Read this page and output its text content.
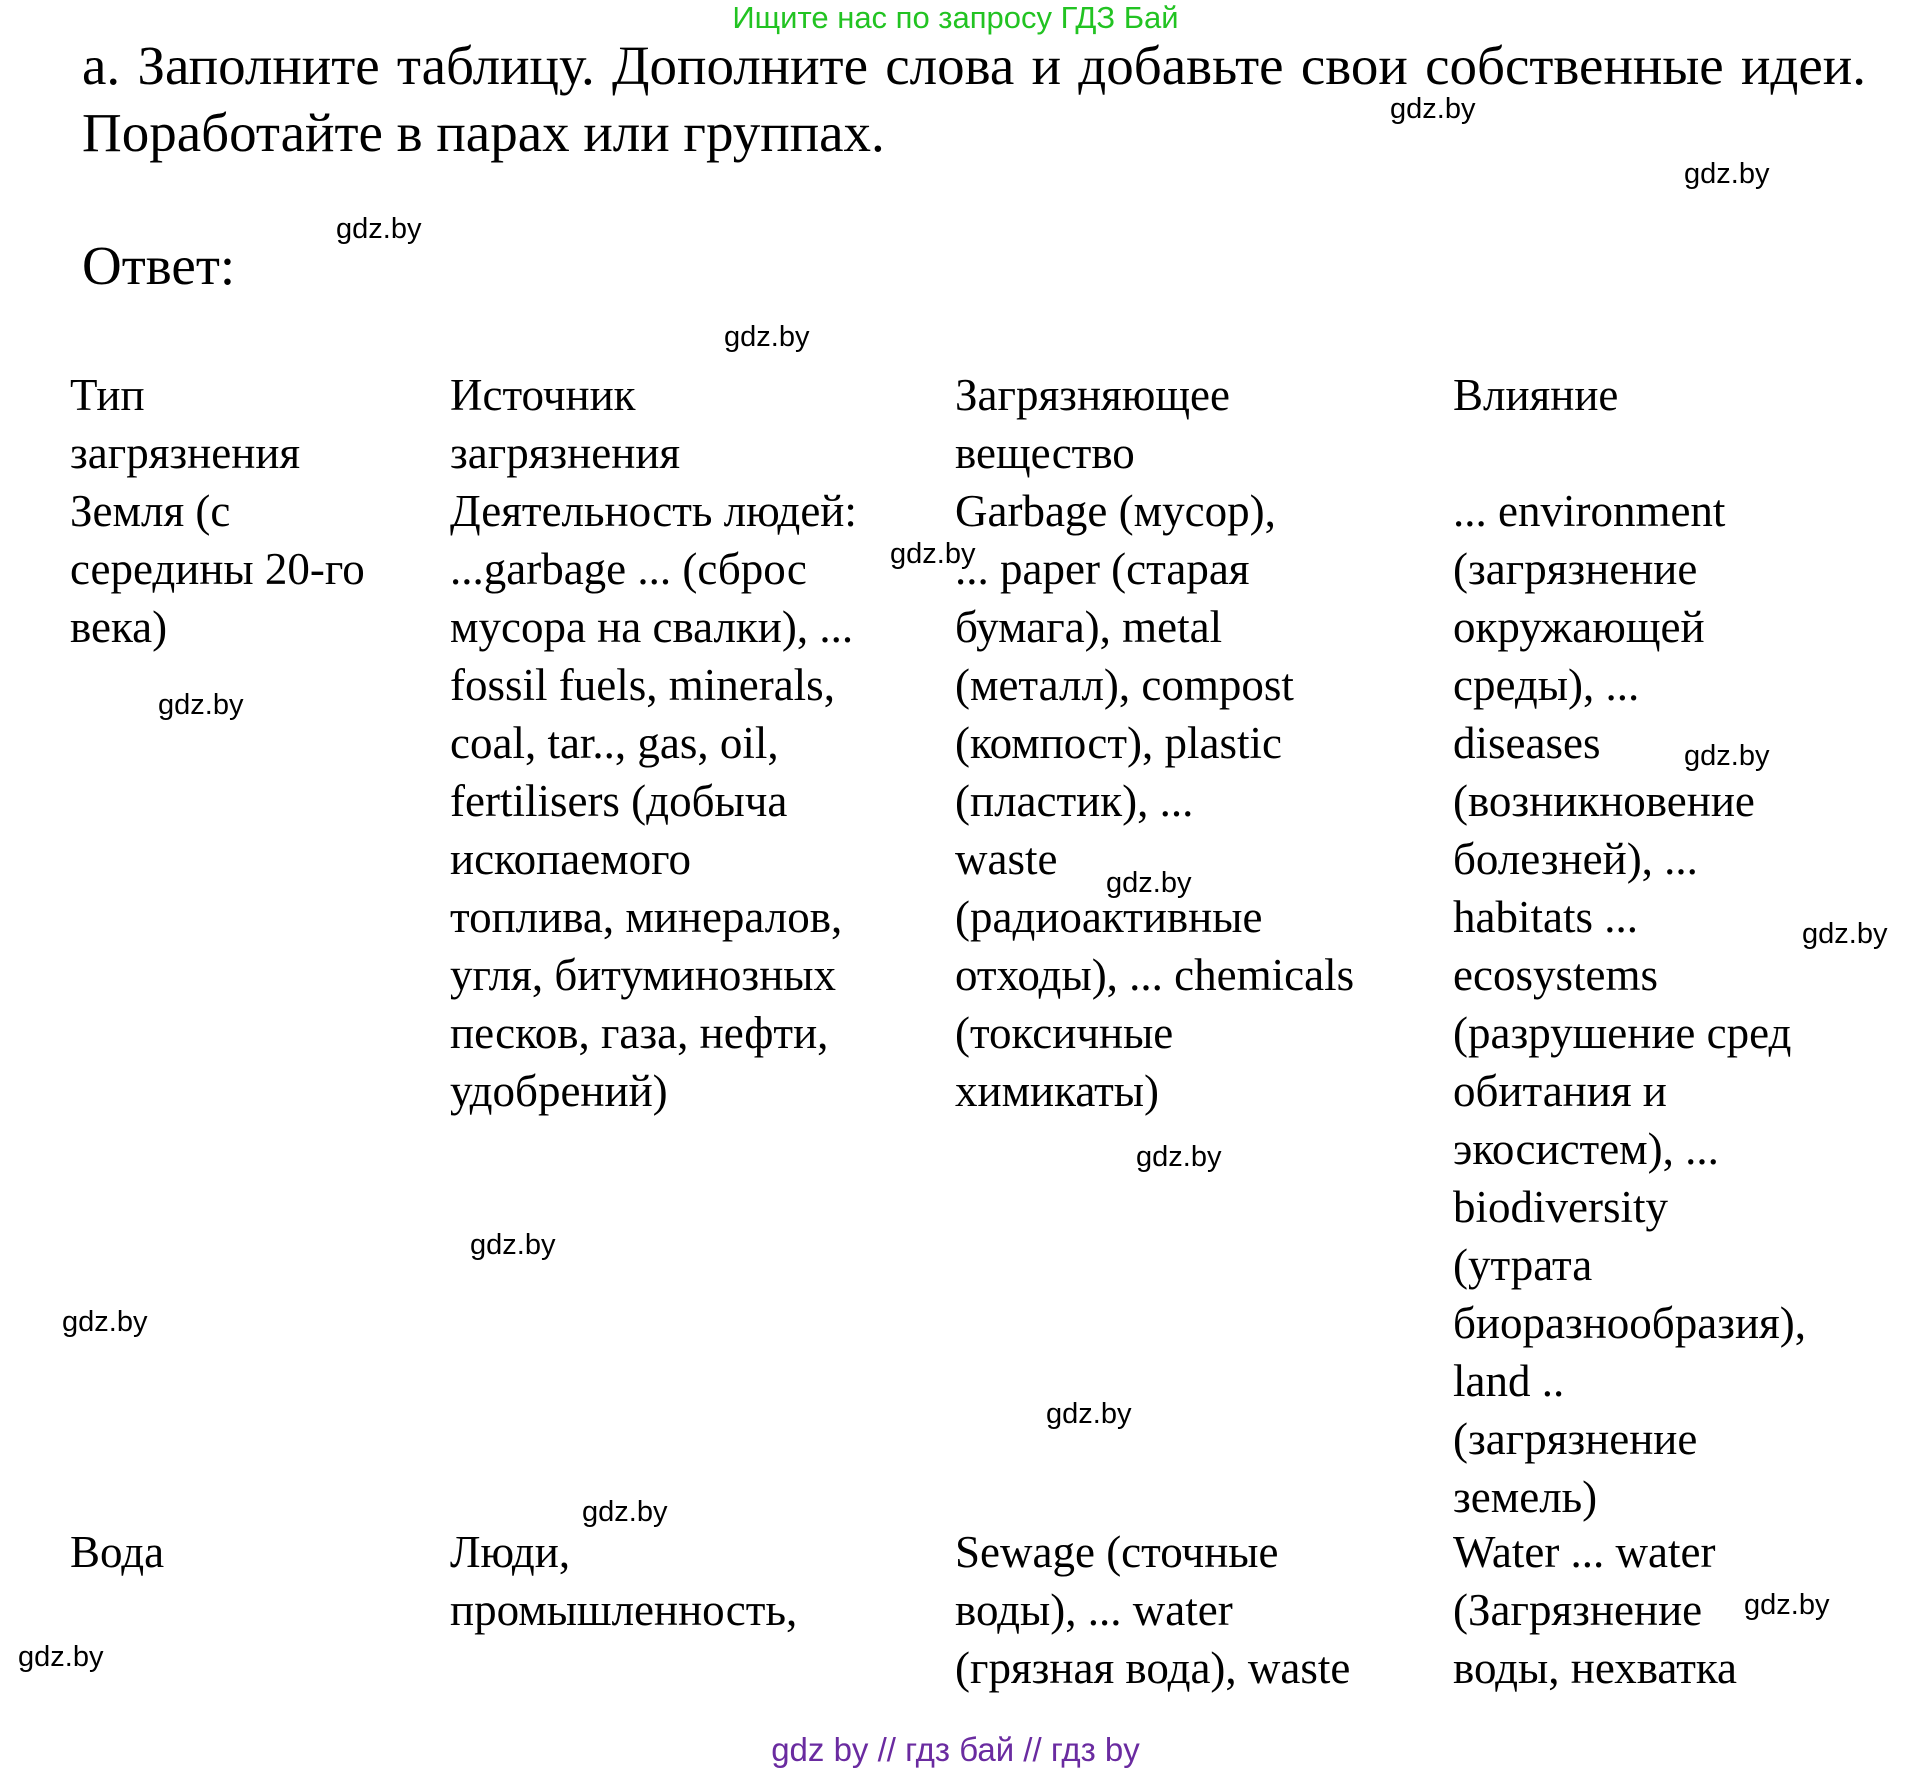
Ищите нас по запросу ГДЗ Бай
а. Заполните таблицу. Дополните слова и добавьте свои собственные идеи. Поработайте в парах или группах.
Ответ:
Тип
загрязнения
Источник
загрязнения
Загрязняющее
вещество
Влияние
Земля (с
середины 20-го
века)
Деятельность людей:
...garbage ... (сброс
мусора на свалки), ...
fossil fuels, minerals,
coal, tar.., gas, oil,
fertilisers (добыча
ископаемого
топлива, минералов,
угля, битуминозных
песков, газа, нефти,
удобрений)
Garbage (мусор),
... paper (старая
бумага), metal
(металл), compost
(компост), plastic
(пластик), ...
waste
(радиоактивные
отходы), ... chemicals
(токсичные
химикаты)
... environment
(загрязнение
окружающей
среды), ...
diseases
(возникновение
болезней), ...
habitats ...
ecosystems
(разрушение сред
обитания и
экосистем), ...
biodiversity
(утрата
биоразнообразия),
land ..
(загрязнение
земель)
Вода	Люди,
промышленность,
Sewage (сточные
воды), ... water
(грязная вода), waste
Water ... water
(Загрязнение
воды, нехватка
gdz.by
gdz.by
gdz.by
gdz.by
gdz.by
gdz.by
gdz.by
gdz.by
gdz.by
gdz.by
gdz.by
gdz.by
gdz.by
gdz.by
gdz.by
gdz.by
gdz by // гдз бай // гдз by
